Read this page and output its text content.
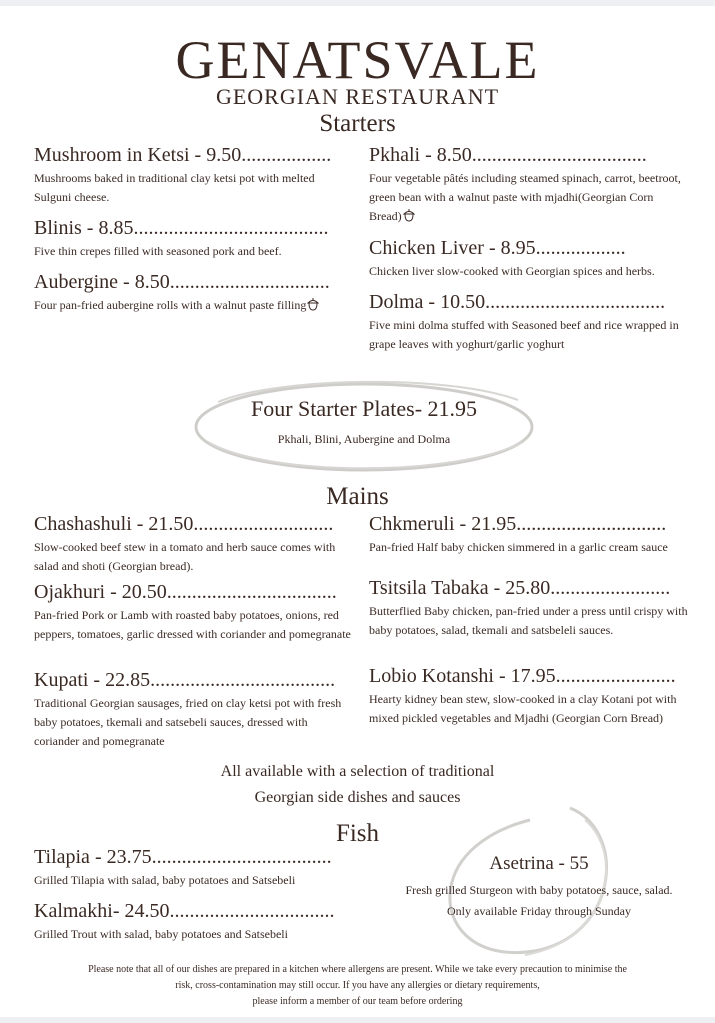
GENATSVALE
GEORGIAN RESTAURANT
Starters
Mushroom in Ketsi - 9.50..................
Mushrooms baked in traditional clay ketsi pot with melted Sulguni cheese.
Blinis - 8.85.......................................
Five thin crepes filled with seasoned pork and beef.
Aubergine - 8.50................................
Four pan-fried aubergine rolls with a walnut paste filling
Pkhali - 8.50...................................
Four vegetable pâtés including steamed spinach, carrot, beetroot, green bean with a walnut paste with mjadhi(Georgian Corn Bread)
Chicken Liver - 8.95..................
Chicken liver slow-cooked with Georgian spices and herbs.
Dolma - 10.50....................................
Five mini dolma stuffed with Seasoned beef and rice wrapped in grape leaves with yoghurt/garlic yoghurt
Four Starter Plates- 21.95
Pkhali, Blini, Aubergine and Dolma
Mains
Chashashuli - 21.50............................
Slow-cooked beef stew in a tomato and herb sauce comes with salad and shoti (Georgian bread).
Ojakhuri - 20.50..................................
Pan-fried Pork or Lamb with roasted baby potatoes, onions, red peppers, tomatoes, garlic dressed with coriander and pomegranate
Kupati - 22.85.....................................
Traditional Georgian sausages, fried on clay ketsi pot with fresh baby potatoes, tkemali and satsebeli sauces, dressed with coriander and pomegranate
Chkmeruli - 21.95..............................
Pan-fried Half baby chicken simmered in a garlic cream sauce
Tsitsila Tabaka - 25.80........................
Butterflied Baby chicken, pan-fried under a press until crispy with baby potatoes, salad, tkemali and satsbeleli sauces.
Lobio Kotanshi - 17.95........................
Hearty kidney bean stew, slow-cooked in a clay Kotani pot with mixed pickled vegetables and Mjadhi (Georgian Corn Bread)
All available with a selection of traditional
Georgian side dishes and sauces
Fish
Tilapia - 23.75....................................
Grilled Tilapia with salad, baby potatoes and Satsebeli
Kalmakhi- 24.50.................................
Grilled Trout with salad, baby potatoes and Satsebeli
Asetrina - 55
Fresh grilled Sturgeon with baby potatoes, sauce, salad.
Only available Friday through Sunday
Please note that all of our dishes are prepared in a kitchen where allergens are present. While we take every precaution to minimise the
risk, cross-contamination may still occur. If you have any allergies or dietary requirements,
please inform a member of our team before ordering
